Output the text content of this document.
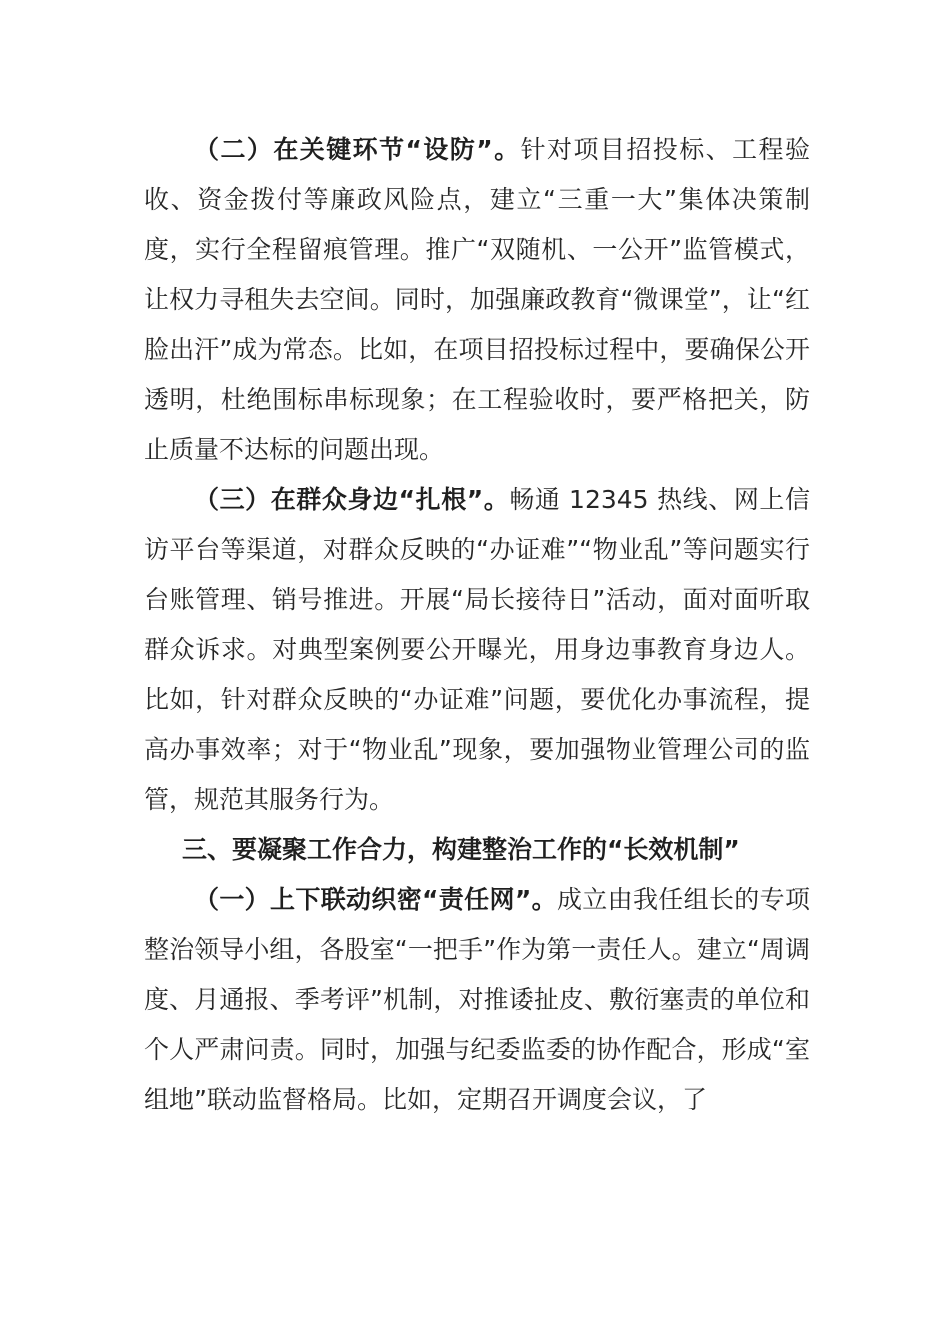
（二）在关键环节“设防”。针对项目招投标、工程验收、资金拨付等廉政风险点，建立“三重一大”集体决策制度，实行全程留痕管理。推广“双随机、一公开”监管模式，让权力寻租失去空间。同时，加强廉政教育“微课堂”，让“红脸出汗”成为常态。比如，在项目招投标过程中，要确保公开透明，杜绝围标串标现象；在工程验收时，要严格把关，防止质量不达标的问题出现。

（三）在群众身边“扎根”。畅通 12345 热线、网上信访平台等渠道，对群众反映的“办证难”“物业乱”等问题实行台账管理、销号推进。开展“局长接待日”活动，面对面听取群众诉求。对典型案例要公开曝光，用身边事教育身边人。比如，针对群众反映的“办证难”问题，要优化办事流程，提高办事效率；对于“物业乱”现象，要加强物业管理公司的监管，规范其服务行为。

三、要凝聚工作合力，构建整治工作的“长效机制”

（一）上下联动织密“责任网”。成立由我任组长的专项整治领导小组，各股室“一把手”作为第一责任人。建立“周调度、月通报、季考评”机制，对推诿扯皮、敷衍塞责的单位和个人严肃问责。同时，加强与纪委监委的协作配合，形成“室组地”联动监督格局。比如，定期召开调度会议，了
